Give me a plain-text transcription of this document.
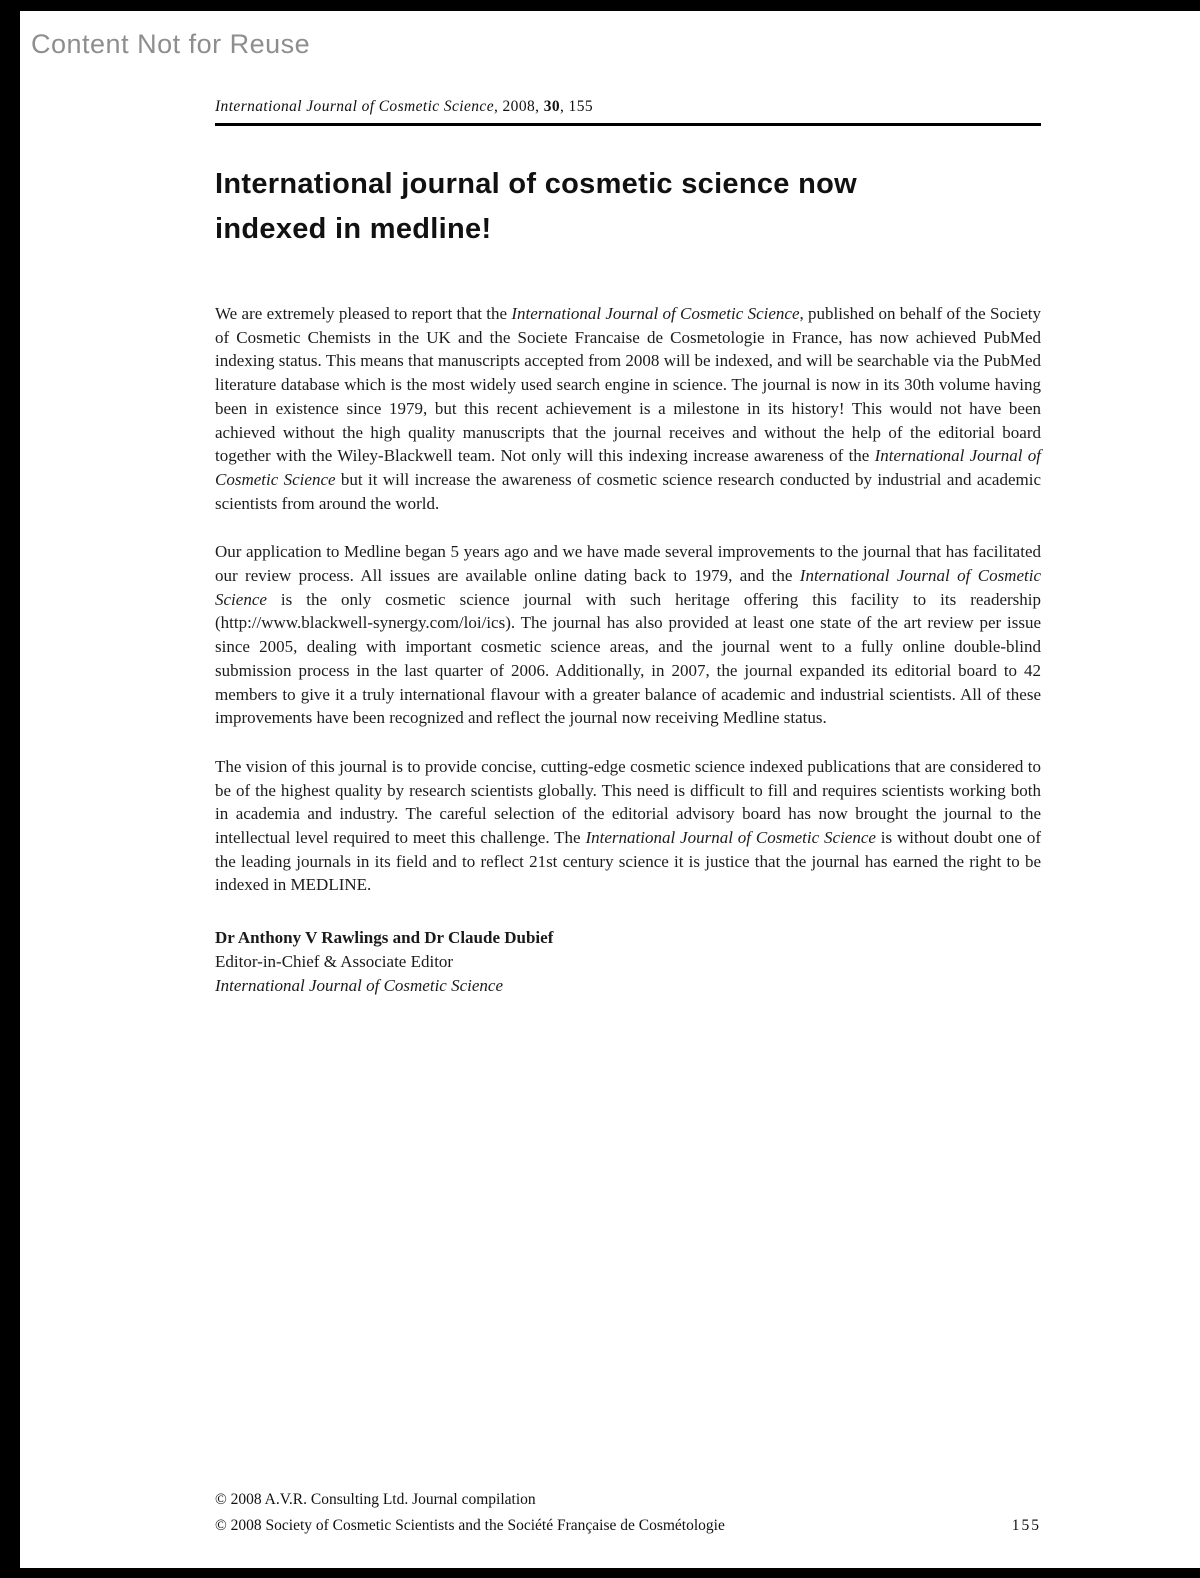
Content Not for Reuse
International Journal of Cosmetic Science, 2008, 30, 155
International journal of cosmetic science now
indexed in medline!

We are extremely pleased to report that the International Journal of Cosmetic Science, published on behalf of the Society of Cosmetic Chemists in the UK and the Societe Francaise de Cosmetologie in France, has now achieved PubMed indexing status. This means that manuscripts accepted from 2008 will be indexed, and will be searchable via the PubMed literature database which is the most widely used search engine in science. The journal is now in its 30th volume having been in existence since 1979, but this recent achievement is a milestone in its history! This would not have been achieved without the high quality manuscripts that the journal receives and without the help of the editorial board together with the Wiley-Blackwell team. Not only will this indexing increase awareness of the International Journal of Cosmetic Science but it will increase the awareness of cosmetic science research conducted by industrial and academic scientists from around the world.

Our application to Medline began 5 years ago and we have made several improvements to the journal that has facilitated our review process. All issues are available online dating back to 1979, and the International Journal of Cosmetic Science is the only cosmetic science journal with such heritage offering this facility to its readership (http://www.blackwell-synergy.com/loi/ics). The journal has also provided at least one state of the art review per issue since 2005, dealing with important cosmetic science areas, and the journal went to a fully online double-blind submission process in the last quarter of 2006. Additionally, in 2007, the journal expanded its editorial board to 42 members to give it a truly international flavour with a greater balance of academic and industrial scientists. All of these improvements have been recognized and reflect the journal now receiving Medline status.

The vision of this journal is to provide concise, cutting-edge cosmetic science indexed publications that are considered to be of the highest quality by research scientists globally. This need is difficult to fill and requires scientists working both in academia and industry. The careful selection of the editorial advisory board has now brought the journal to the intellectual level required to meet this challenge. The International Journal of Cosmetic Science is without doubt one of the leading journals in its field and to reflect 21st century science it is justice that the journal has earned the right to be indexed in MEDLINE.

Dr Anthony V Rawlings and Dr Claude Dubief
Editor-in-Chief & Associate Editor
International Journal of Cosmetic Science
© 2008 A.V.R. Consulting Ltd. Journal compilation
© 2008 Society of Cosmetic Scientists and the Société Française de Cosmétologie	155
